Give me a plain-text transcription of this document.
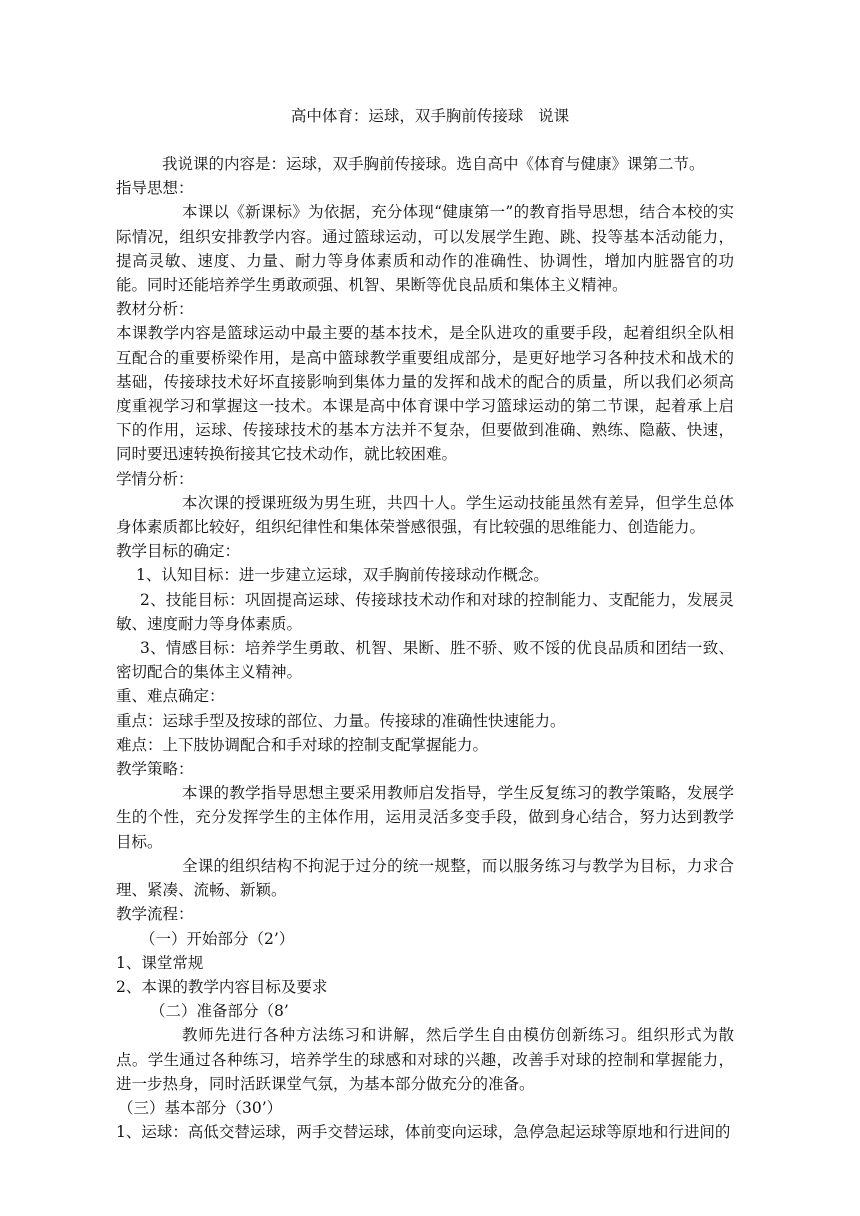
高中体育：运球，双手胸前传接球   说课

我说课的内容是：运球，双手胸前传接球。选自高中《体育与健康》课第二节。

指导思想：

本课以《新课标》为依据，充分体现“健康第一”的教育指导思想，结合本校的实际情况，组织安排教学内容。通过篮球运动，可以发展学生跑、跳、投等基本活动能力，提高灵敏、速度、力量、耐力等身体素质和动作的准确性、协调性，增加内脏器官的功能。同时还能培养学生勇敢顽强、机智、果断等优良品质和集体主义精神。

教材分析：

本课教学内容是篮球运动中最主要的基本技术，是全队进攻的重要手段，起着组织全队相互配合的重要桥梁作用，是高中篮球教学重要组成部分，是更好地学习各种技术和战术的基础，传接球技术好坏直接影响到集体力量的发挥和战术的配合的质量，所以我们必须高度重视学习和掌握这一技术。本课是高中体育课中学习篮球运动的第二节课，起着承上启下的作用，运球、传接球技术的基本方法并不复杂，但要做到准确、熟练、隐蔽、快速，同时要迅速转换衔接其它技术动作，就比较困难。

学情分析：

本次课的授课班级为男生班，共四十人。学生运动技能虽然有差异，但学生总体身体素质都比较好，组织纪律性和集体荣誉感很强，有比较强的思维能力、创造能力。

教学目标的确定：

1、认知目标：进一步建立运球，双手胸前传接球动作概念。

2、技能目标：巩固提高运球、传接球技术动作和对球的控制能力、支配能力，发展灵敏、速度耐力等身体素质。

3、情感目标：培养学生勇敢、机智、果断、胜不骄、败不馁的优良品质和团结一致、密切配合的集体主义精神。

重、难点确定：

重点：运球手型及按球的部位、力量。传接球的准确性快速能力。

难点：上下肢协调配合和手对球的控制支配掌握能力。

教学策略：

本课的教学指导思想主要采用教师启发指导，学生反复练习的教学策略，发展学生的个性，充分发挥学生的主体作用，运用灵活多变手段，做到身心结合，努力达到教学目标。

全课的组织结构不拘泥于过分的统一规整，而以服务练习与教学为目标，力求合理、紧凑、流畅、新颖。

教学流程：

（一）开始部分（2’）

1、课堂常规

2、本课的教学内容目标及要求

（二）准备部分（8’

教师先进行各种方法练习和讲解，然后学生自由模仿创新练习。组织形式为散点。学生通过各种练习，培养学生的球感和对球的兴趣，改善手对球的控制和掌握能力，进一步热身，同时活跃课堂气氛，为基本部分做充分的准备。

（三）基本部分（30’）

1、运球：高低交替运球，两手交替运球，体前变向运球，急停急起运球等原地和行进间的
